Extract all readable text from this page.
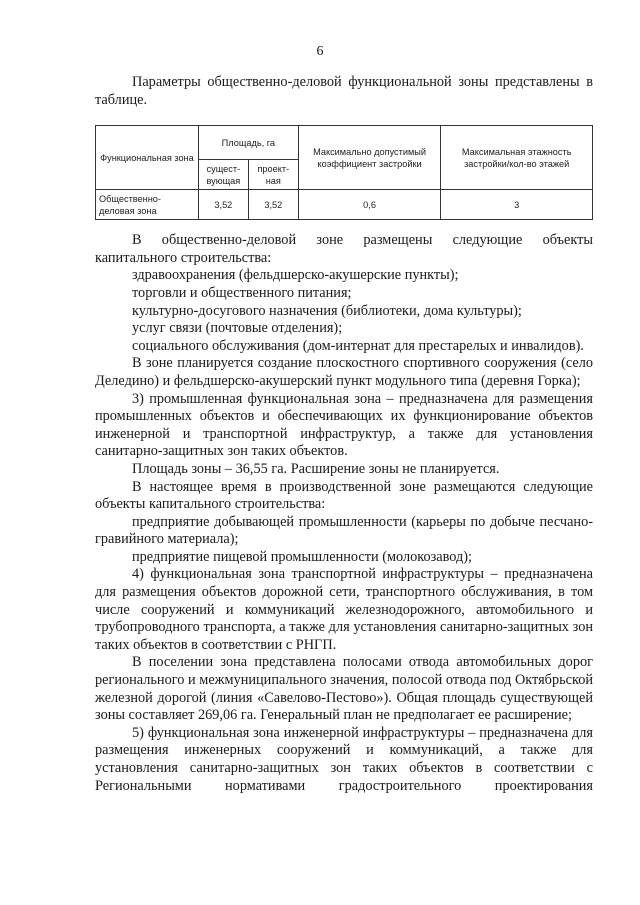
6

Параметры общественно-деловой функциональной зоны представлены в таблице.

Функциональная зона	Площадь, га		Максимально допустимый коэффициент застройки	Максимальная этажность застройки/кол-во этажей
	сущест-вующая	проект-ная		
Общественно-деловая зона	3,52	3,52	0,6	3

В общественно-деловой зоне размещены следующие объекты капитального строительства:

здравоохранения (фельдшерско-акушерские пункты);

торговли и общественного питания;

культурно-досугового назначения (библиотеки, дома культуры);

услуг связи (почтовые отделения);

социального обслуживания (дом-интернат для престарелых и инвалидов).

В зоне планируется создание плоскостного спортивного сооружения (село Деледино) и фельдшерско-акушерский пункт модульного типа (деревня Горка);

3) промышленная функциональная зона – предназначена для размещения промышленных объектов и обеспечивающих их функционирование объектов инженерной и транспортной инфраструктур, а также для установления санитарно-защитных зон таких объектов.

Площадь зоны – 36,55 га. Расширение зоны не планируется.

В настоящее время в производственной зоне размещаются следующие объекты капитального строительства:

предприятие добывающей промышленности (карьеры по добыче песчано-гравийного материала);

предприятие пищевой промышленности (молокозавод);

4) функциональная зона транспортной инфраструктуры – предназначена для размещения объектов дорожной сети, транспортного обслуживания, в том числе сооружений и коммуникаций железнодорожного, автомобильного и трубопроводного транспорта, а также для установления санитарно-защитных зон таких объектов в соответствии с РНГП.

В поселении зона представлена полосами отвода автомобильных дорог регионального и межмуниципального значения, полосой отвода под Октябрьской железной дорогой (линия «Савелово-Пестово»). Общая площадь существующей зоны составляет 269,06 га. Генеральный план не предполагает ее расширение;

5) функциональная зона инженерной инфраструктуры – предназначена для размещения инженерных сооружений и коммуникаций, а также для установления санитарно-защитных зон таких объектов в соответствии с Региональными нормативами градостроительного проектирования
